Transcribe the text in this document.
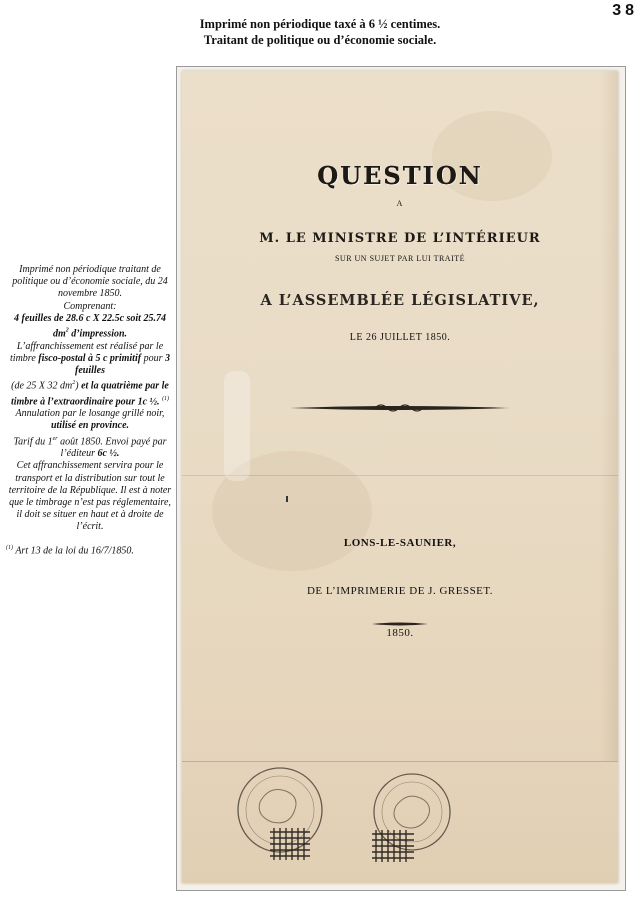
38
Imprimé non périodique taxé à 6 ½ centimes.
Traitant de politique ou d’économie sociale.
Imprimé non périodique traitant de politique ou d’économie sociale, du 24 novembre 1850.
Comprenant:
4 feuilles de 28.6 c X 22.5c soit 25.74 $dm^2$ d’impression.
L’affranchissement est réalisé par le timbre fisco-postal à 5 c primitif pour 3 feuilles
(de 25 X 32 $dm^2$) et la quatrième par le timbre à l’extraordinaire pour 1c ½. $^{(1)}$
Annulation par le losange grillé noir, utilisé en province.
Tarif du 1er août 1850. Envoi payé par l’éditeur 6c ½.
Cet affranchissement servira pour le transport et la distribution sur tout le territoire de la République. Il est à noter que le timbrage n’est pas réglementaire, il doit se situer en haut et à droite de l’écrit.
$^{(1)}$ Art 13 de la loi du 16/7/1850.
QUESTION
A
M. LE MINISTRE DE L’INTÉRIEUR
SUR UN SUJET PAR LUI TRAITÉ
A L’ASSEMBLÉE LÉGISLATIVE,
LE 26 JUILLET 1850.
LONS-LE-SAUNIER,
DE L’IMPRIMERIE DE J. GRESSET.
1850.
